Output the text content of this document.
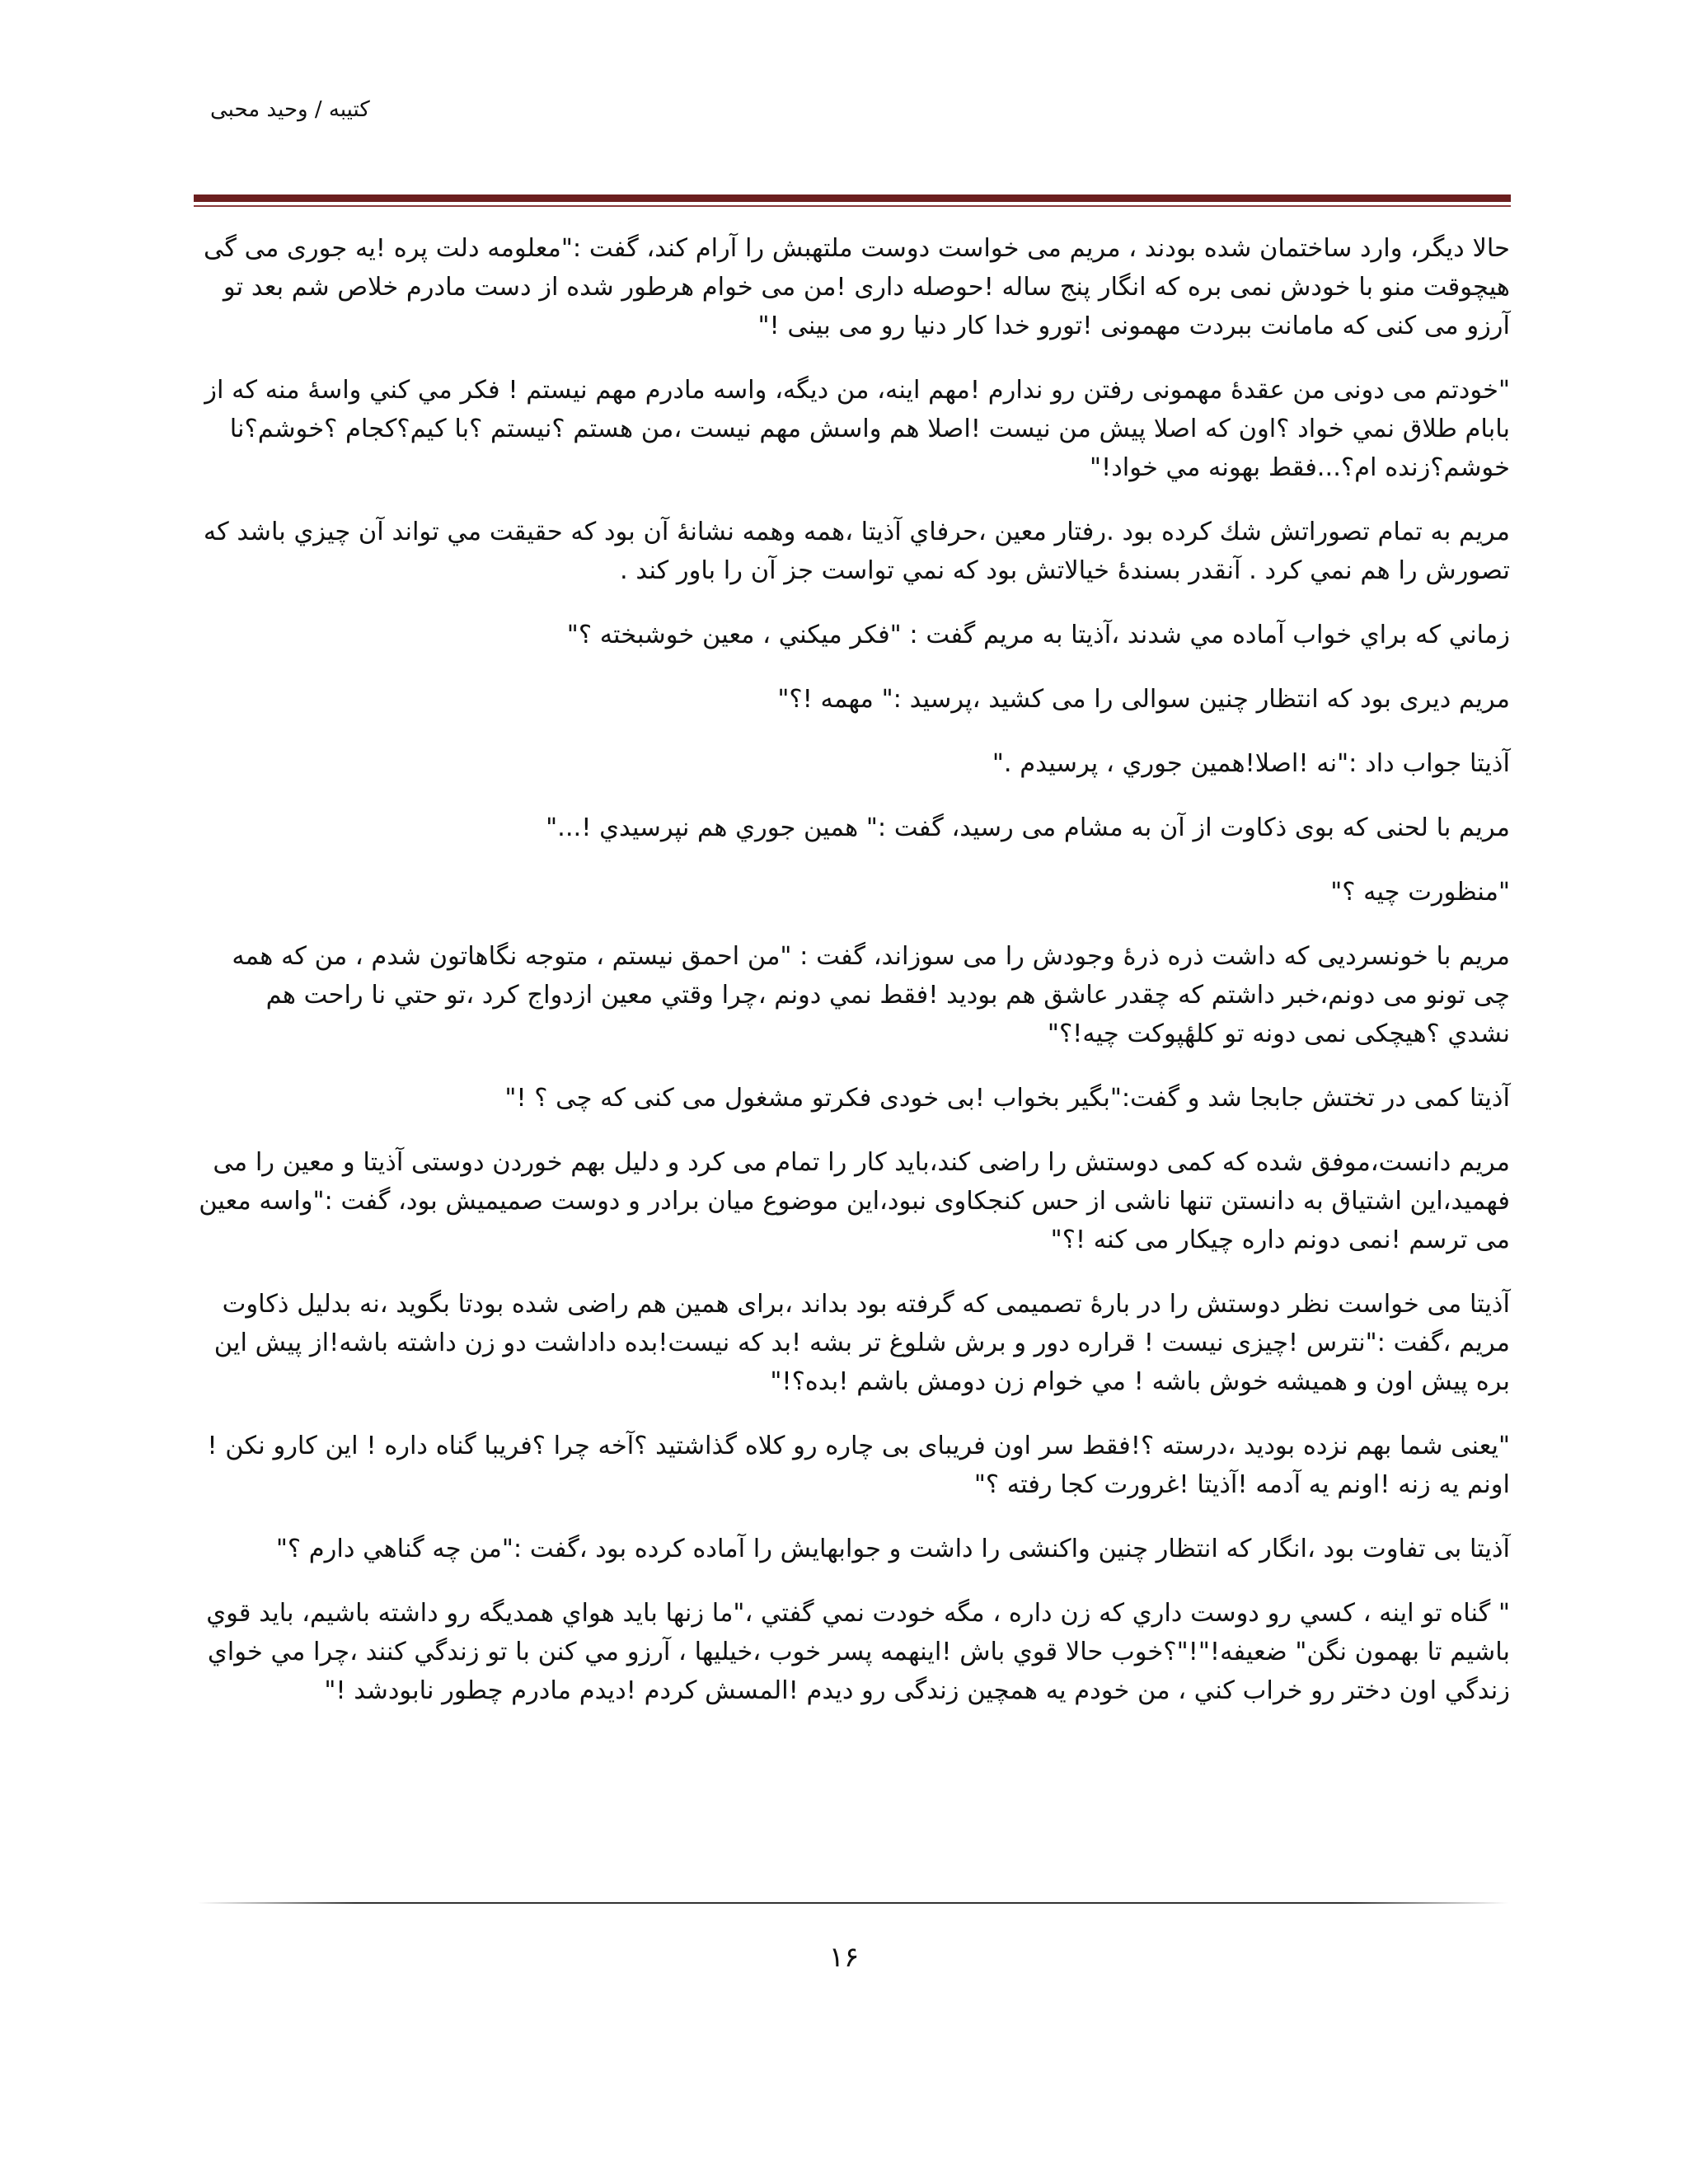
کتیبه / وحید محبی

حالا دیگر، وارد ساختمان شده بودند ، مریم می خواست دوست ملتهبش را آرام کند، گفت :"معلومه دلت پره !یه جوری می گی هیچوقت منو با خودش نمی بره که انگار پنج ساله !حوصله داری !من می خوام هرطور شده از دست مادرم خلاص شم بعد تو آرزو می کنی که مامانت ببردت مهمونی !تورو خدا کار دنیا رو می بینی !"

"خودتم می دونی من عقدهٔ مهمونی رفتن رو ندارم !مهم اینه، من دیگه، واسه مادرم مهم نیستم ! فکر مي كني واسهٔ منه که از بابام طلاق نمي خواد ؟اون كه اصلا پیش من نیست !اصلا هم واسش مهم نیست ،من هستم ؟نیستم ؟با کیم؟کجام ؟خوشم؟نا خوشم؟زنده ام؟...فقط بهونه مي خواد!"

مريم به تمام تصوراتش شك كرده بود .رفتار معين ،حرفاي آذيتا ،همه وهمه نشانهٔ آن بود كه حقيقت مي تواند آن چيزي باشد كه تصورش را هم نمي كرد . آنقدر بسندهٔ خيالاتش بود كه نمي تواست جز آن را باور كند .

زماني كه براي خواب آماده مي شدند ،آذيتا به مريم گفت : "فكر ميكني ، معين خوشبخته ؟"

مریم دیری بود که انتظار چنین سوالی را می کشید ،پرسید :" مهمه !؟"

آذيتا جواب داد :"نه !اصلا!همين جوري ، پرسيدم ."

مریم با لحنی که بوی ذکاوت از آن به مشام می رسید، گفت :" همين جوري هم نپرسيدي !..."

"منظورت چيه ؟"

مريم با خونسردیی که داشت ذره ذرهٔ وجودش را می سوزاند، گفت : "من احمق نيستم ، متوجه نگاهاتون شدم ، من که همه چی تونو می دونم،خبر داشتم که چقدر عاشق هم بودید !فقط نمي دونم ،چرا وقتي معين ازدواج كرد ،تو حتي نا راحت هم نشدي ؟هيچكی نمی دونه تو كلهٔپوكت چيه!؟"

آذيتا كمی در تختش جابجا شد و گفت:"بگير بخواب !بی خودی فکرتو مشغول می کنی که چی ؟ !"

مريم دانست،موفق شده که کمی دوستش را راضی کند،باید کار را تمام می کرد و دلیل بهم خوردن دوستی آذيتا و معين را می فهمید،این اشتیاق به دانستن تنها ناشی از حس کنجکاوی نبود،این موضوع میان برادر و دوست صمیمیش بود، گفت :"واسه معين می ترسم !نمی دونم داره چيكار می كنه !؟"

آذيتا می خواست نظر دوستش را در بارهٔ تصمیمی که گرفته بود بداند ،برای همین هم راضی شده بودتا بگوید ،نه بدلیل ذکاوت مريم ،گفت :"نترس !چیزی نیست ! قراره دور و برش شلوغ تر بشه !بد كه نيست!بده داداشت دو زن داشته باشه!از پیش این بره پیش اون و همیشه خوش باشه ! مي خوام زن دومش باشم !بده؟!"

"يعنی شما بهم نزده بودید ،درسته ؟!فقط سر اون فریبای بی چاره رو کلاه گذاشتید ؟آخه چرا ؟فریبا گناه داره ! این کارو نکن !اونم یه زنه !اونم یه آدمه !آذيتا !غرورت کجا رفته ؟"

آذيتا بی تفاوت بود ،انگار که انتظار چنین واکنشی را داشت و جوابهایش را آماده کرده بود ،گفت :"من چه گناهي دارم ؟"

" گناه تو اينه ، كسي رو دوست داري كه زن داره ، مگه خودت نمي گفتي ،"ما زنها بايد هواي همديگه رو داشته باشيم، بايد قوي باشيم تا بهمون نگن" ضعيفه!"!"؟خوب حالا قوي باش !اينهمه پسر خوب ،خيليها ، آرزو مي كنن با تو زندگي كنند ،چرا مي خواي زندگي اون دختر رو خراب كني ، من خودم يه همچين زندگی رو ديدم !المسش كردم !ديدم مادرم چطور نابودشد !"

۱۶
